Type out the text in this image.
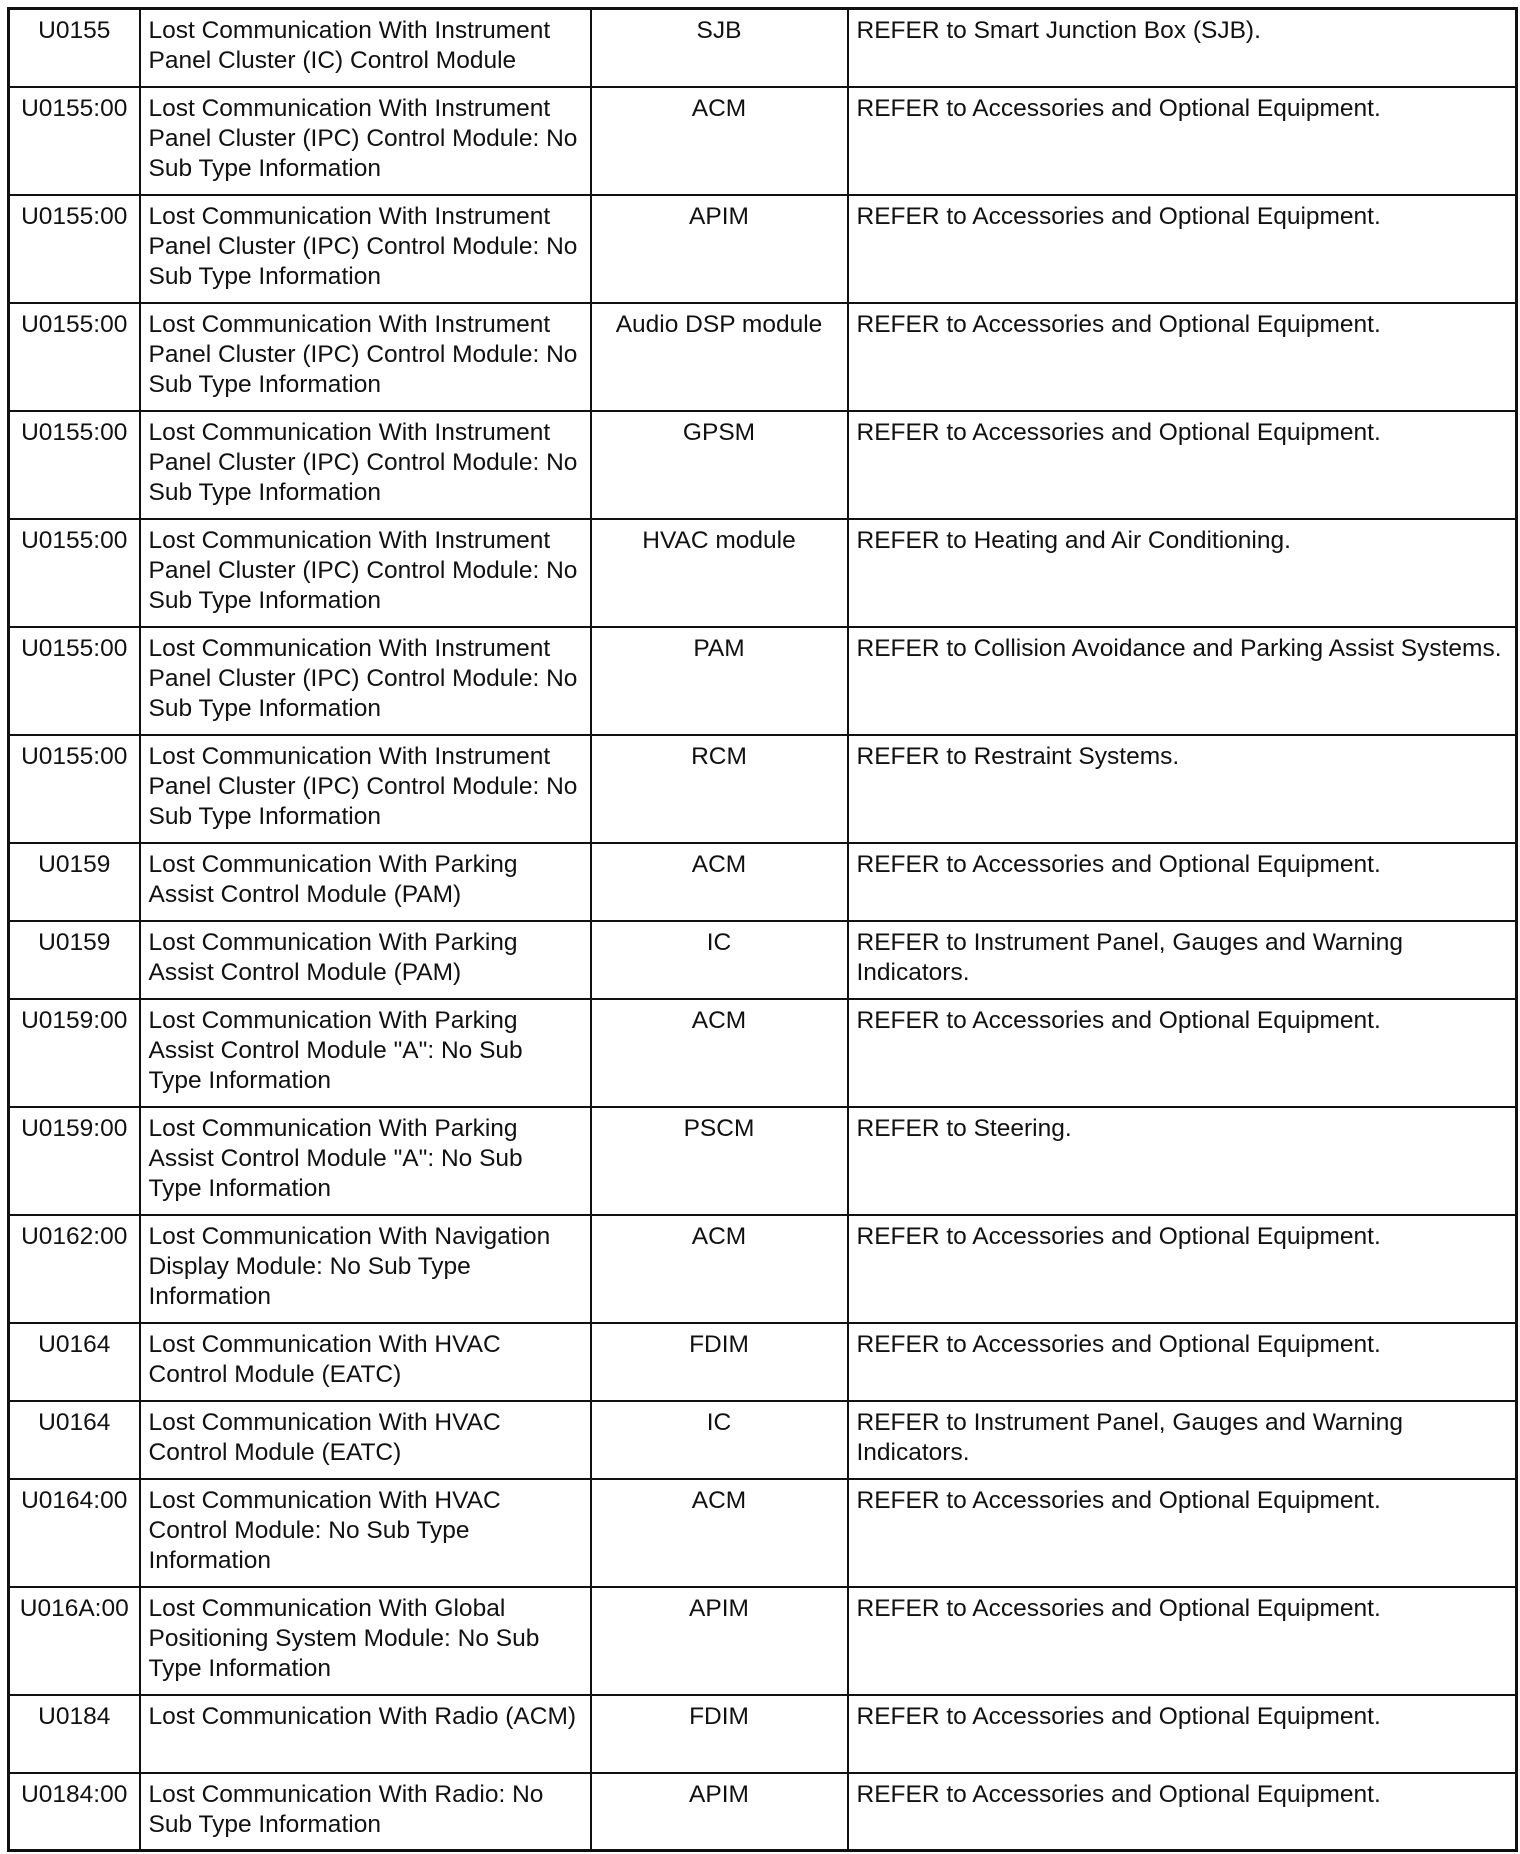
U0155	Lost Communication With Instrument Panel Cluster (IC) Control Module	SJB	REFER to Smart Junction Box (SJB).
U0155:00	Lost Communication With Instrument Panel Cluster (IPC) Control Module: No Sub Type Information	ACM	REFER to Accessories and Optional Equipment.
U0155:00	Lost Communication With Instrument Panel Cluster (IPC) Control Module: No Sub Type Information	APIM	REFER to Accessories and Optional Equipment.
U0155:00	Lost Communication With Instrument Panel Cluster (IPC) Control Module: No Sub Type Information	Audio DSP module	REFER to Accessories and Optional Equipment.
U0155:00	Lost Communication With Instrument Panel Cluster (IPC) Control Module: No Sub Type Information	GPSM	REFER to Accessories and Optional Equipment.
U0155:00	Lost Communication With Instrument Panel Cluster (IPC) Control Module: No Sub Type Information	HVAC module	REFER to Heating and Air Conditioning.
U0155:00	Lost Communication With Instrument Panel Cluster (IPC) Control Module: No Sub Type Information	PAM	REFER to Collision Avoidance and Parking Assist Systems.
U0155:00	Lost Communication With Instrument Panel Cluster (IPC) Control Module: No Sub Type Information	RCM	REFER to Restraint Systems.
U0159	Lost Communication With Parking Assist Control Module (PAM)	ACM	REFER to Accessories and Optional Equipment.
U0159	Lost Communication With Parking Assist Control Module (PAM)	IC	REFER to Instrument Panel, Gauges and Warning Indicators.
U0159:00	Lost Communication With Parking Assist Control Module "A": No Sub Type Information	ACM	REFER to Accessories and Optional Equipment.
U0159:00	Lost Communication With Parking Assist Control Module "A": No Sub Type Information	PSCM	REFER to Steering.
U0162:00	Lost Communication With Navigation Display Module: No Sub Type Information	ACM	REFER to Accessories and Optional Equipment.
U0164	Lost Communication With HVAC Control Module (EATC)	FDIM	REFER to Accessories and Optional Equipment.
U0164	Lost Communication With HVAC Control Module (EATC)	IC	REFER to Instrument Panel, Gauges and Warning Indicators.
U0164:00	Lost Communication With HVAC Control Module: No Sub Type Information	ACM	REFER to Accessories and Optional Equipment.
U016A:00	Lost Communication With Global Positioning System Module: No Sub Type Information	APIM	REFER to Accessories and Optional Equipment.
U0184	Lost Communication With Radio (ACM)	FDIM	REFER to Accessories and Optional Equipment.
U0184:00	Lost Communication With Radio: No Sub Type Information	APIM	REFER to Accessories and Optional Equipment.
